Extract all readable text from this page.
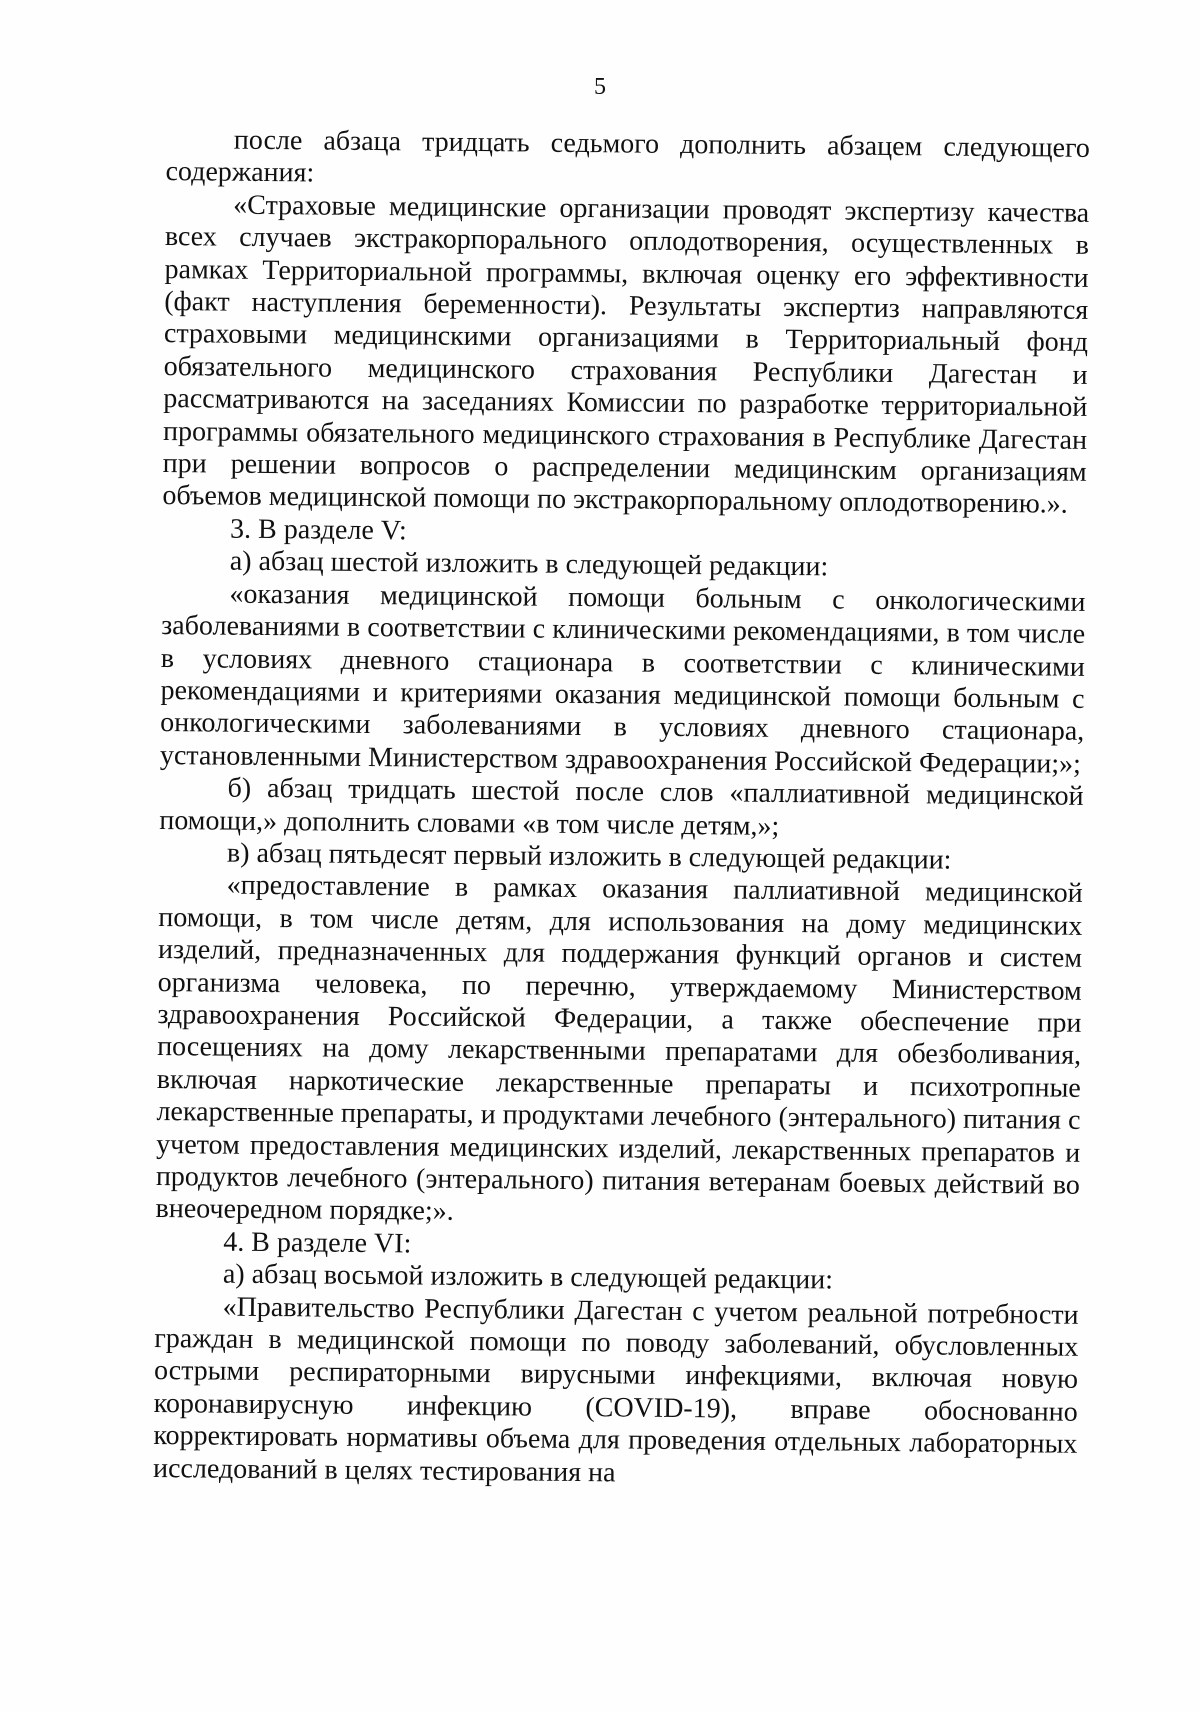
5

после абзаца тридцать седьмого дополнить абзацем следующего содержания:

«Страховые медицинские организации проводят экспертизу качества всех случаев экстракорпорального оплодотворения, осуществленных в рамках Территориальной программы, включая оценку его эффективности (факт наступления беременности). Результаты экспертиз направляются страховыми медицинскими организациями в Территориальный фонд обязательного медицинского страхования Республики Дагестан и рассматриваются на заседаниях Комиссии по разработке территориальной программы обязательного медицинского страхования в Республике Дагестан при решении вопросов о распределении медицинским организациям объемов медицинской помощи по экстракорпоральному оплодотворению.».

3. В разделе V:

а) абзац шестой изложить в следующей редакции:

«оказания медицинской помощи больным с онкологическими заболеваниями в соответствии с клиническими рекомендациями, в том числе в условиях дневного стационара в соответствии с клиническими рекомендациями и критериями оказания медицинской помощи больным с онкологическими заболеваниями в условиях дневного стационара, установленными Министерством здравоохранения Российской Федерации;»;

б) абзац тридцать шестой после слов «паллиативной медицинской помощи,» дополнить словами «в том числе детям,»;

в) абзац пятьдесят первый изложить в следующей редакции:

«предоставление в рамках оказания паллиативной медицинской помощи, в том числе детям, для использования на дому медицинских изделий, предназначенных для поддержания функций органов и систем организма человека, по перечню, утверждаемому Министерством здравоохранения Российской Федерации, а также обеспечение при посещениях на дому лекарственными препаратами для обезболивания, включая наркотические лекарственные препараты и психотропные лекарственные препараты, и продуктами лечебного (энтерального) питания с учетом предоставления медицинских изделий, лекарственных препаратов и продуктов лечебного (энтерального) питания ветеранам боевых действий во внеочередном порядке;».

4. В разделе VI:

а) абзац восьмой изложить в следующей редакции:

«Правительство Республики Дагестан с учетом реальной потребности граждан в медицинской помощи по поводу заболеваний, обусловленных острыми респираторными вирусными инфекциями, включая новую коронавирусную инфекцию (COVID-19), вправе обоснованно корректировать нормативы объема для проведения отдельных лабораторных исследований в целях тестирования на
